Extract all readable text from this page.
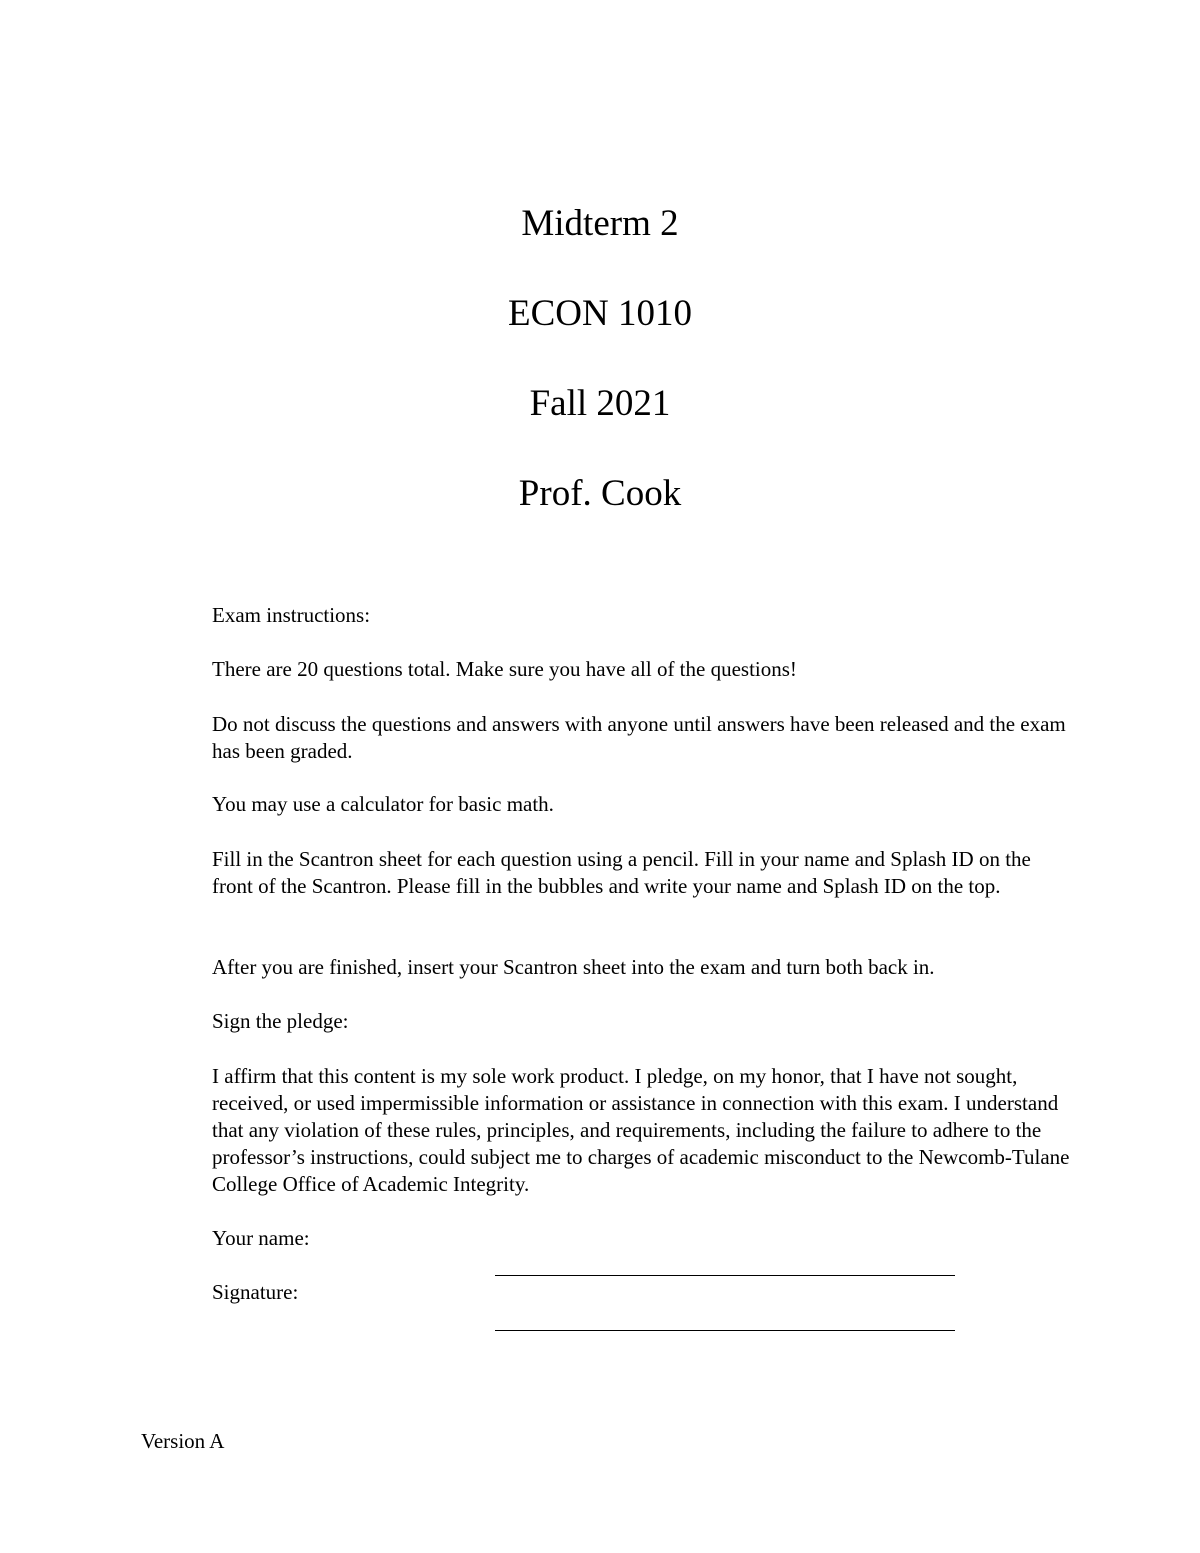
Midterm 2
ECON 1010
Fall 2021
Prof. Cook
Exam instructions:
There are 20 questions total. Make sure you have all of the questions!
Do not discuss the questions and answers with anyone until answers have been released and the exam has been graded.
You may use a calculator for basic math.
Fill in the Scantron sheet for each question using a pencil. Fill in your name and Splash ID on the front of the Scantron. Please fill in the bubbles and write your name and Splash ID on the top.
After you are finished, insert your Scantron sheet into the exam and turn both back in.
Sign the pledge:
I affirm that this content is my sole work product. I pledge, on my honor, that I have not sought, received, or used impermissible information or assistance in connection with this exam. I understand that any violation of these rules, principles, and requirements, including the failure to adhere to the professor’s instructions, could subject me to charges of academic misconduct to the Newcomb-Tulane College Office of Academic Integrity.
Your name:
Signature:
Version A
